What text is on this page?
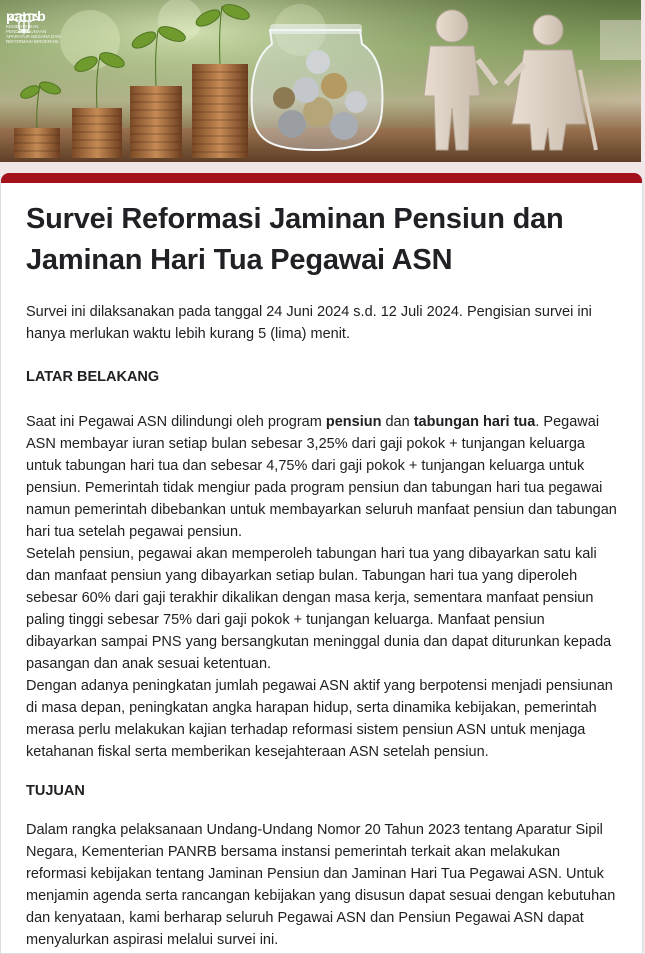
panrb
KEMENTERIAN PENDAYAGUNAAN APARATUR NEGARA DAN REFORMASI BIROKRASI
Survei Reformasi Jaminan Pensiun dan Jaminan Hari Tua Pegawai ASN

Survei ini dilaksanakan pada tanggal 24 Juni 2024 s.d. 12 Juli 2024. Pengisian survei ini hanya merlukan waktu lebih kurang 5 (lima) menit.

LATAR BELAKANG

Saat ini Pegawai ASN dilindungi oleh program pensiun dan tabungan hari tua. Pegawai ASN membayar iuran setiap bulan sebesar 3,25% dari gaji pokok + tunjangan keluarga untuk tabungan hari tua dan sebesar 4,75% dari gaji pokok + tunjangan keluarga untuk pensiun. Pemerintah tidak mengiur pada program pensiun dan tabungan hari tua pegawai namun pemerintah dibebankan untuk membayarkan seluruh manfaat pensiun dan tabungan hari tua setelah pegawai pensiun.

Setelah pensiun, pegawai akan memperoleh tabungan hari tua yang dibayarkan satu kali dan manfaat pensiun yang dibayarkan setiap bulan. Tabungan hari tua yang diperoleh sebesar 60% dari gaji terakhir dikalikan dengan masa kerja, sementara manfaat pensiun paling tinggi sebesar 75% dari gaji pokok + tunjangan keluarga. Manfaat pensiun dibayarkan sampai PNS yang bersangkutan meninggal dunia dan dapat diturunkan kepada pasangan dan anak sesuai ketentuan.

Dengan adanya peningkatan jumlah pegawai ASN aktif yang berpotensi menjadi pensiunan di masa depan, peningkatan angka harapan hidup, serta dinamika kebijakan, pemerintah merasa perlu melakukan kajian terhadap reformasi sistem pensiun ASN untuk menjaga ketahanan fiskal serta memberikan kesejahteraan ASN setelah pensiun.

TUJUAN

Dalam rangka pelaksanaan Undang-Undang Nomor 20 Tahun 2023 tentang Aparatur Sipil Negara, Kementerian PANRB bersama instansi pemerintah terkait akan melakukan reformasi kebijakan tentang Jaminan Pensiun dan Jaminan Hari Tua Pegawai ASN. Untuk menjamin agenda serta rancangan kebijakan yang disusun dapat sesuai dengan kebutuhan dan kenyataan, kami berharap seluruh Pegawai ASN dan Pensiun Pegawai ASN dapat menyalurkan aspirasi melalui survei ini.
